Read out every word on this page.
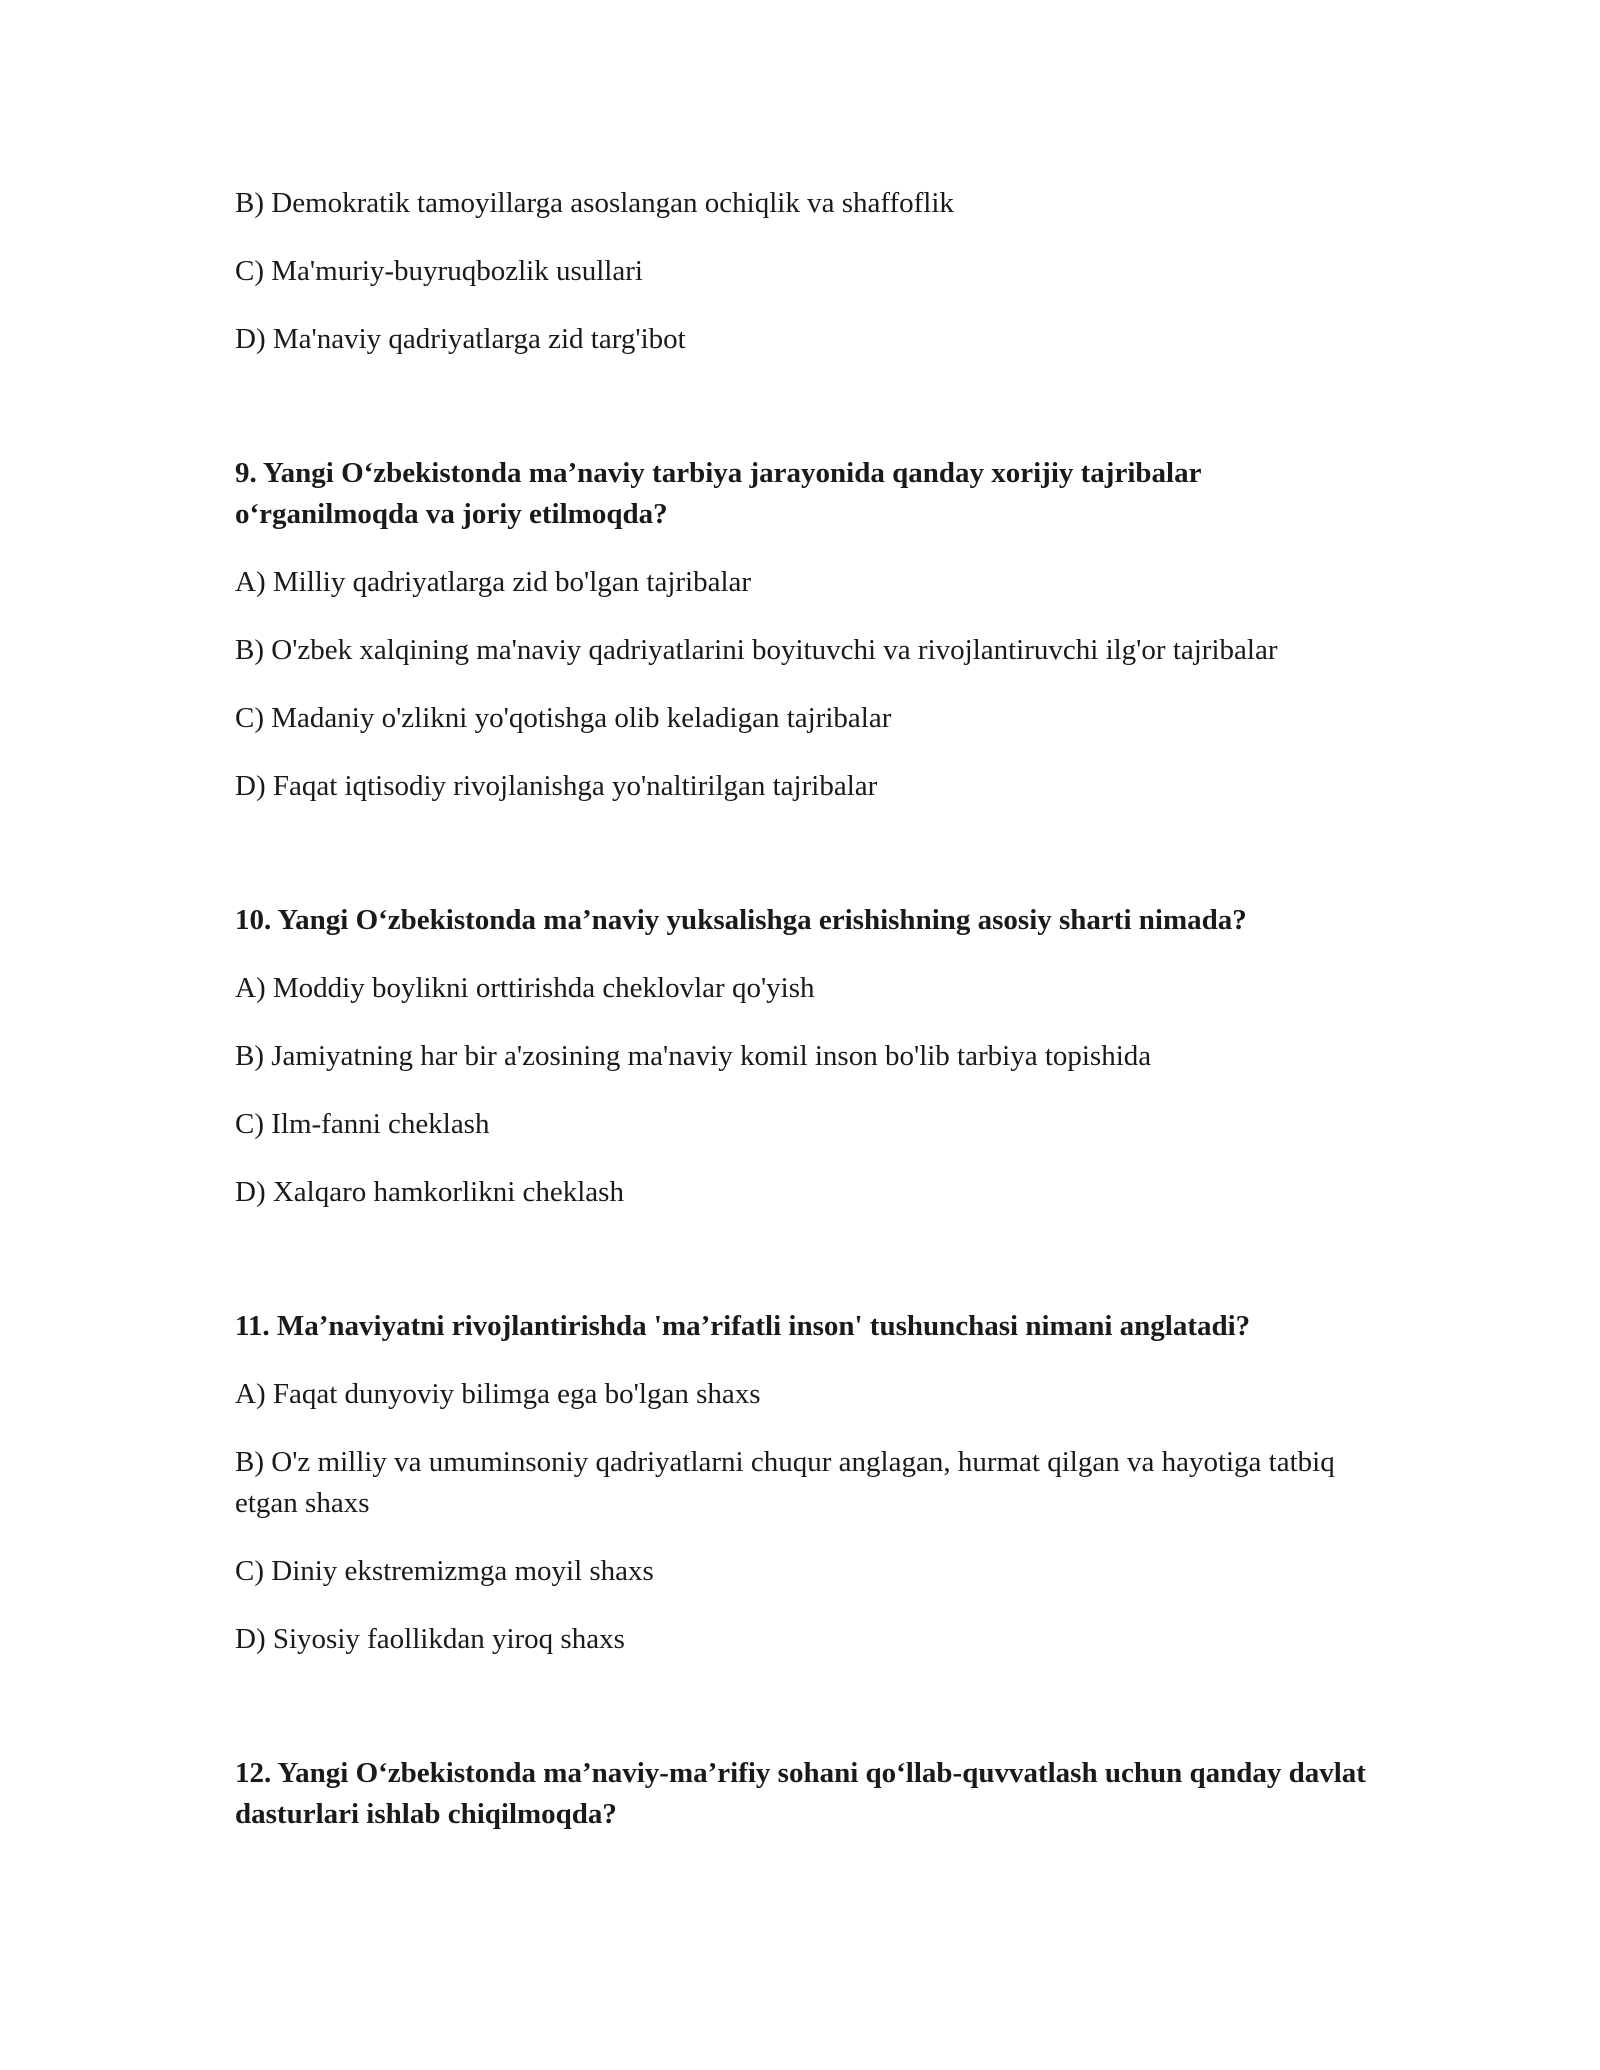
B) Demokratik tamoyillarga asoslangan ochiqlik va shaffoflik

C) Ma'muriy-buyruqbozlik usullari

D) Ma'naviy qadriyatlarga zid targ'ibot

9. Yangi O‘zbekistonda ma’naviy tarbiya jarayonida qanday xorijiy tajribalar o‘rganilmoqda va joriy etilmoqda?

A) Milliy qadriyatlarga zid bo'lgan tajribalar

B) O'zbek xalqining ma'naviy qadriyatlarini boyituvchi va rivojlantiruvchi ilg'or tajribalar

C) Madaniy o'zlikni yo'qotishga olib keladigan tajribalar

D) Faqat iqtisodiy rivojlanishga yo'naltirilgan tajribalar

10. Yangi O‘zbekistonda ma’naviy yuksalishga erishishning asosiy sharti nimada?

A) Moddiy boylikni orttirishda cheklovlar qo'yish

B) Jamiyatning har bir a'zosining ma'naviy komil inson bo'lib tarbiya topishida

C) Ilm-fanni cheklash

D) Xalqaro hamkorlikni cheklash

11. Ma’naviyatni rivojlantirishda 'ma’rifatli inson' tushunchasi nimani anglatadi?

A) Faqat dunyoviy bilimga ega bo'lgan shaxs

B) O'z milliy va umuminsoniy qadriyatlarni chuqur anglagan, hurmat qilgan va hayotiga tatbiq etgan shaxs

C) Diniy ekstremizmga moyil shaxs

D) Siyosiy faollikdan yiroq shaxs

12. Yangi O‘zbekistonda ma’naviy-ma’rifiy sohani qo‘llab-quvvatlash uchun qanday davlat dasturlari ishlab chiqilmoqda?
